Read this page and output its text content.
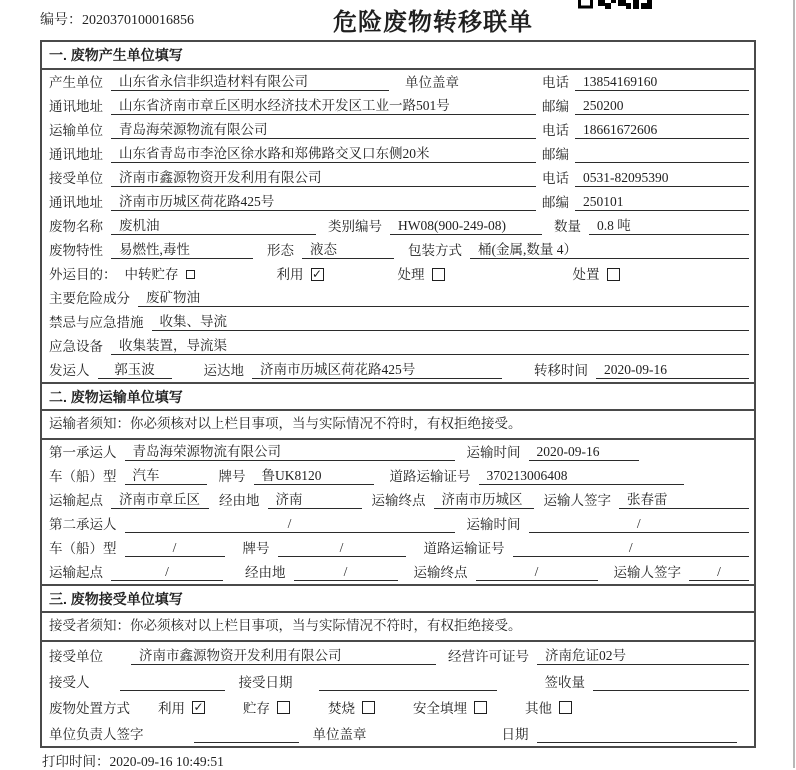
编号：2020370100016856	危险废物转移联单
一. 废物产生单位填写
产生单位	山东省永信非织造材料有限公司	单位盖章	电话	13854169160
通讯地址	山东省济南市章丘区明水经济技术开发区工业一路501号	邮编	250200
运输单位	青岛海荣源物流有限公司	电话	18661672606
通讯地址	山东省青岛市李沧区徐水路和郑佛路交叉口东侧20米	邮编
接受单位	济南市鑫源物资开发利用有限公司	电话	0531-82095390
通讯地址	济南市历城区荷花路425号	邮编	250101
废物名称	废机油	类别编号	HW08(900-249-08)	数量	0.8 吨
废物特性	易燃性,毒性	形态	液态	包装方式	桶(金属,数量 4）
外运目的： 中转贮存	利用 ✓	处理	处置
主要危险成分	废矿物油
禁忌与应急措施	收集、导流
应急设备	收集装置，导流渠
发运人	郭玉波	运达地	济南市历城区荷花路425号	转移时间	2020-09-16
二. 废物运输单位填写
运输者须知：你必须核对以上栏目事项，当与实际情况不符时，有权拒绝接受。
第一承运人	青岛海荣源物流有限公司	运输时间	2020-09-16
车（船）型	汽车	牌号	鲁UK8120	道路运输证号	370213006408
运输起点	济南市章丘区	经由地	济南	运输终点	济南市历城区	运输人签字	张春雷
第二承运人	/	运输时间	/
车（船）型	/	牌号	/	道路运输证号	/
运输起点	/	经由地	/	运输终点	/	运输人签字	/
三. 废物接受单位填写
接受者须知：你必须核对以上栏目事项，当与实际情况不符时，有权拒绝接受。
接受单位	济南市鑫源物资开发利用有限公司	经营许可证号	济南危证02号
接受人	接受日期	签收量
废物处置方式 利用 ✓	贮存	焚烧	安全填埋	其他
单位负责人签字	单位盖章	日期
打印时间：2020-09-16 10:49:51
